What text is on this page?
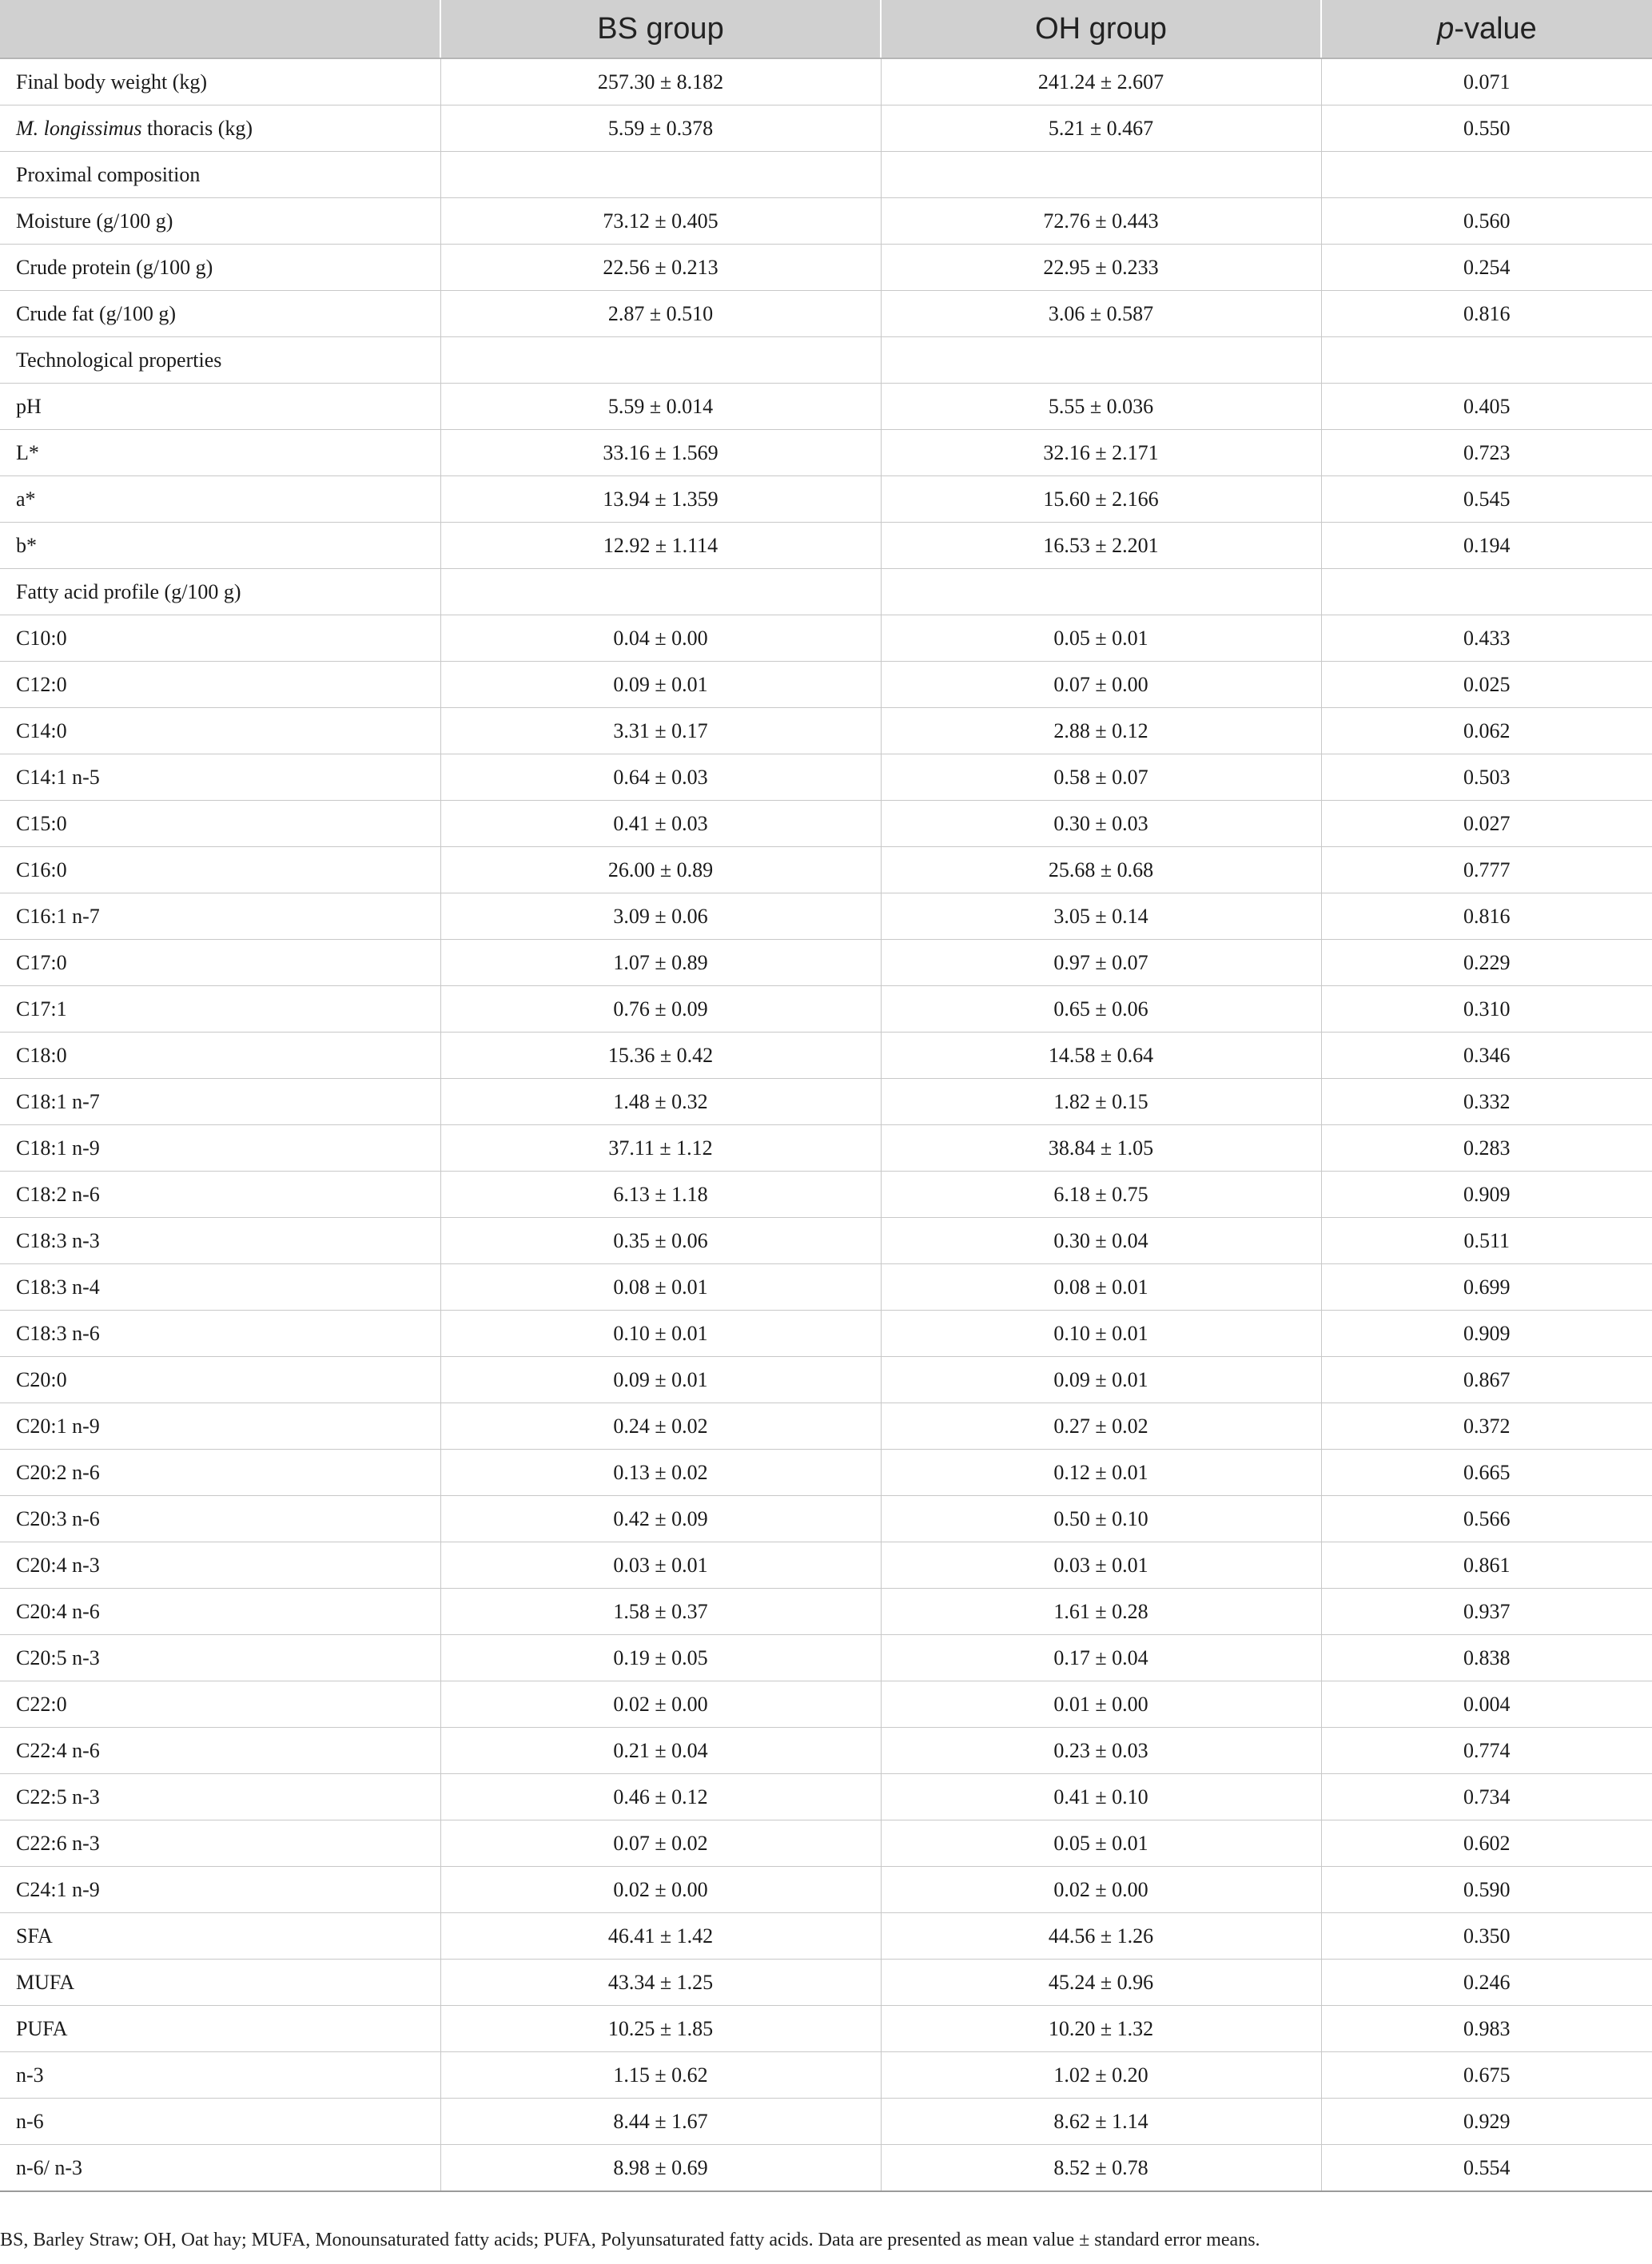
	BS group	OH group	p-value
Final body weight (kg)	257.30 ± 8.182	241.24 ± 2.607	0.071
M. longissimus thoracis (kg)	5.59 ± 0.378	5.21 ± 0.467	0.550
Proximal composition			
Moisture (g/100 g)	73.12 ± 0.405	72.76 ± 0.443	0.560
Crude protein (g/100 g)	22.56 ± 0.213	22.95 ± 0.233	0.254
Crude fat (g/100 g)	2.87 ± 0.510	3.06 ± 0.587	0.816
Technological properties			
pH	5.59 ± 0.014	5.55 ± 0.036	0.405
L*	33.16 ± 1.569	32.16 ± 2.171	0.723
a*	13.94 ± 1.359	15.60 ± 2.166	0.545
b*	12.92 ± 1.114	16.53 ± 2.201	0.194
Fatty acid profile (g/100 g)			
C10:0	0.04 ± 0.00	0.05 ± 0.01	0.433
C12:0	0.09 ± 0.01	0.07 ± 0.00	0.025
C14:0	3.31 ± 0.17	2.88 ± 0.12	0.062
C14:1 n-5	0.64 ± 0.03	0.58 ± 0.07	0.503
C15:0	0.41 ± 0.03	0.30 ± 0.03	0.027
C16:0	26.00 ± 0.89	25.68 ± 0.68	0.777
C16:1 n-7	3.09 ± 0.06	3.05 ± 0.14	0.816
C17:0	1.07 ± 0.89	0.97 ± 0.07	0.229
C17:1	0.76 ± 0.09	0.65 ± 0.06	0.310
C18:0	15.36 ± 0.42	14.58 ± 0.64	0.346
C18:1 n-7	1.48 ± 0.32	1.82 ± 0.15	0.332
C18:1 n-9	37.11 ± 1.12	38.84 ± 1.05	0.283
C18:2 n-6	6.13 ± 1.18	6.18 ± 0.75	0.909
C18:3 n-3	0.35 ± 0.06	0.30 ± 0.04	0.511
C18:3 n-4	0.08 ± 0.01	0.08 ± 0.01	0.699
C18:3 n-6	0.10 ± 0.01	0.10 ± 0.01	0.909
C20:0	0.09 ± 0.01	0.09 ± 0.01	0.867
C20:1 n-9	0.24 ± 0.02	0.27 ± 0.02	0.372
C20:2 n-6	0.13 ± 0.02	0.12 ± 0.01	0.665
C20:3 n-6	0.42 ± 0.09	0.50 ± 0.10	0.566
C20:4 n-3	0.03 ± 0.01	0.03 ± 0.01	0.861
C20:4 n-6	1.58 ± 0.37	1.61 ± 0.28	0.937
C20:5 n-3	0.19 ± 0.05	0.17 ± 0.04	0.838
C22:0	0.02 ± 0.00	0.01 ± 0.00	0.004
C22:4 n-6	0.21 ± 0.04	0.23 ± 0.03	0.774
C22:5 n-3	0.46 ± 0.12	0.41 ± 0.10	0.734
C22:6 n-3	0.07 ± 0.02	0.05 ± 0.01	0.602
C24:1 n-9	0.02 ± 0.00	0.02 ± 0.00	0.590
SFA	46.41 ± 1.42	44.56 ± 1.26	0.350
MUFA	43.34 ± 1.25	45.24 ± 0.96	0.246
PUFA	10.25 ± 1.85	10.20 ± 1.32	0.983
n-3	1.15 ± 0.62	1.02 ± 0.20	0.675
n-6	8.44 ± 1.67	8.62 ± 1.14	0.929
n-6/ n-3	8.98 ± 0.69	8.52 ± 0.78	0.554
BS, Barley Straw; OH, Oat hay; MUFA, Monounsaturated fatty acids; PUFA, Polyunsaturated fatty acids. Data are presented as mean value ± standard error means.
